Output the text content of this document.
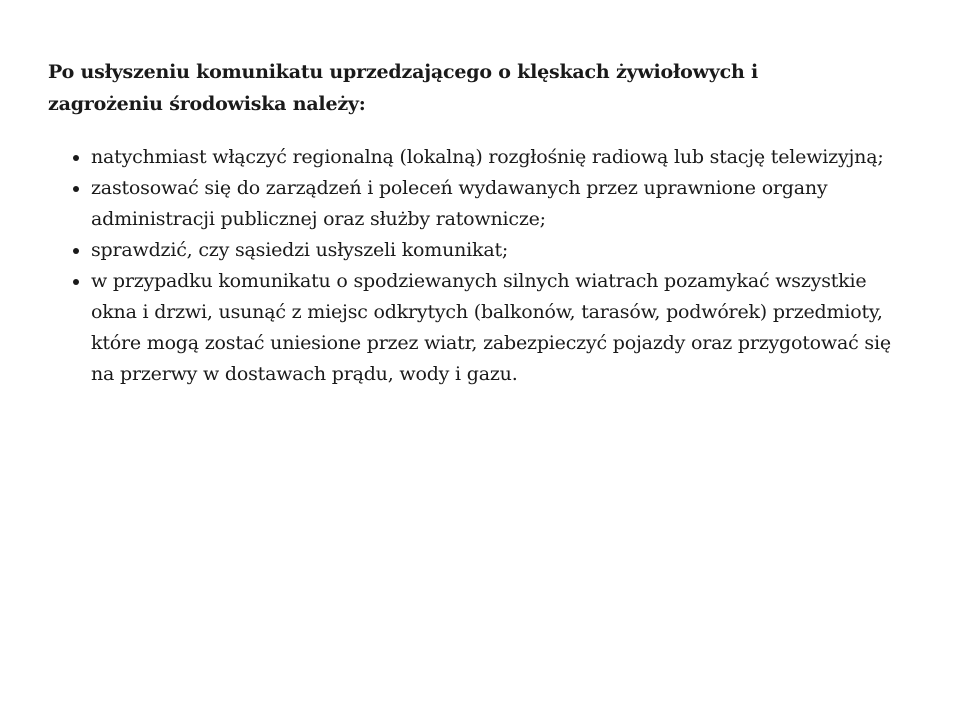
Po usłyszeniu komunikatu uprzedzającego o klęskach żywiołowych i zagrożeniu środowiska należy:

natychmiast włączyć regionalną (lokalną) rozgłośnię radiową lub stację telewizyjną;
zastosować się do zarządzeń i poleceń wydawanych przez uprawnione organy administracji publicznej oraz służby ratownicze;
sprawdzić, czy sąsiedzi usłyszeli komunikat;
w przypadku komunikatu o spodziewanych silnych wiatrach pozamykać wszystkie okna i drzwi, usunąć z miejsc odkrytych (balkonów, tarasów, podwórek) przedmioty, które mogą zostać uniesione przez wiatr, zabezpieczyć pojazdy oraz przygotować się na przerwy w dostawach prądu, wody i gazu.
